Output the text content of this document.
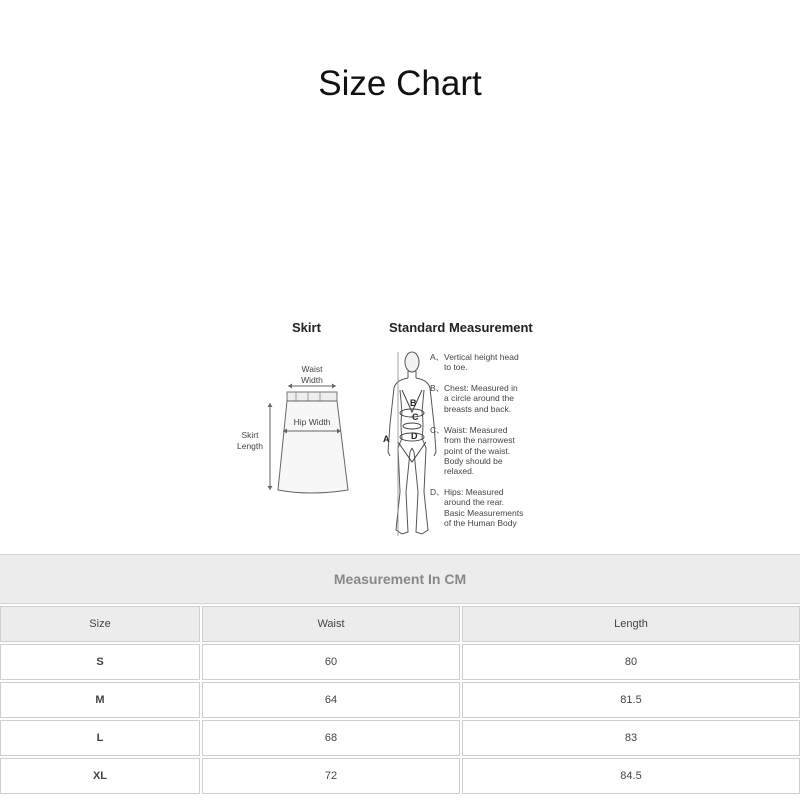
Size Chart
Skirt	Standard Measurement
Waist
Width
Hip Width
Skirt
Length
A
B
C
D
A、 Vertical height head
to toe.
B、 Chest: Measured in
a circle around the
breasts and back.
C、 Waist: Measured
from the narrowest
point of the waist.
Body should be
relaxed.
D、 Hips: Measured
around the rear.
Basic Measurements
of the Human Body
Measurement In CM
Size	Waist	Length
S	60	80
M	64	81.5
L	68	83
XL	72	84.5
